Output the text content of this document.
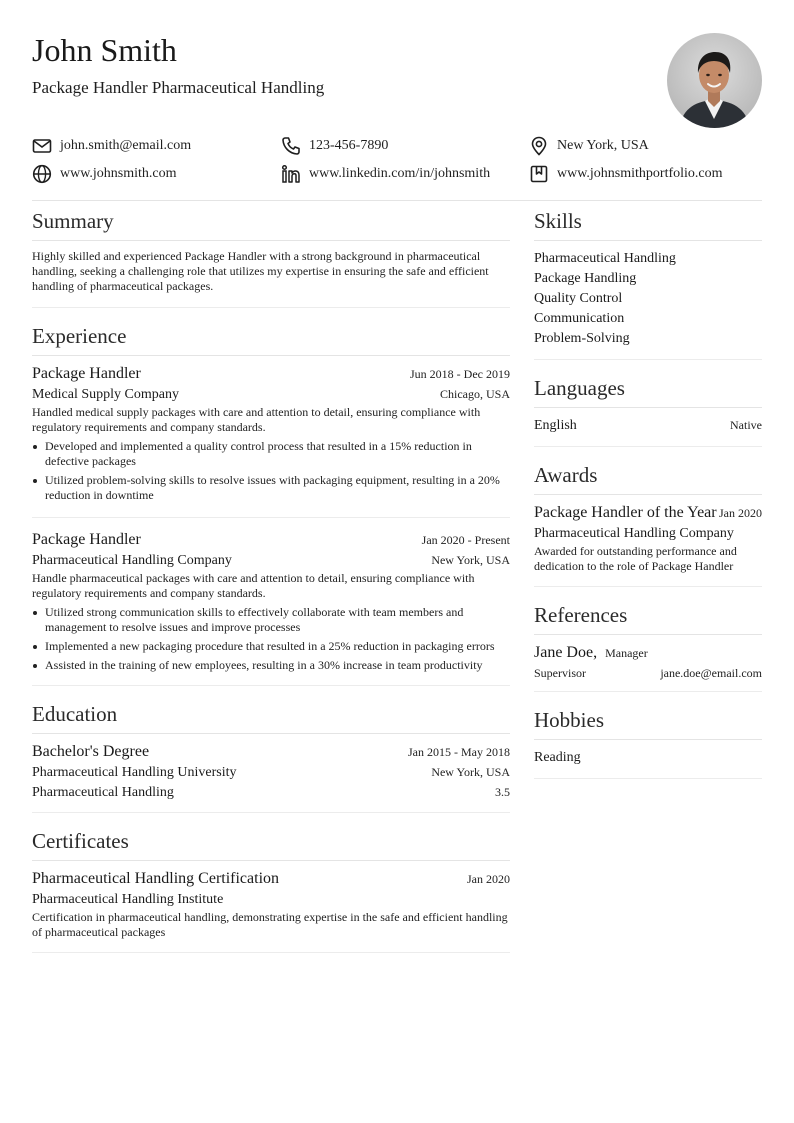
John Smith
Package Handler Pharmaceutical Handling
john.smith@email.com	123-456-7890	New York, USA
www.johnsmith.com	www.linkedin.com/in/johnsmith	www.johnsmithportfolio.com
Summary
Highly skilled and experienced Package Handler with a strong background in pharmaceutical handling, seeking a challenging role that utilizes my expertise in ensuring the safe and efficient handling of pharmaceutical packages.
Experience
Package Handler	Jun 2018 - Dec 2019
Medical Supply Company	Chicago, USA
Handled medical supply packages with care and attention to detail, ensuring compliance with regulatory requirements and company standards.
Developed and implemented a quality control process that resulted in a 15% reduction in defective packages
Utilized problem-solving skills to resolve issues with packaging equipment, resulting in a 20% reduction in downtime
Package Handler	Jan 2020 - Present
Pharmaceutical Handling Company	New York, USA
Handle pharmaceutical packages with care and attention to detail, ensuring compliance with regulatory requirements and company standards.
Utilized strong communication skills to effectively collaborate with team members and management to resolve issues and improve processes
Implemented a new packaging procedure that resulted in a 25% reduction in packaging errors
Assisted in the training of new employees, resulting in a 30% increase in team productivity
Education
Bachelor's Degree	Jan 2015 - May 2018
Pharmaceutical Handling University	New York, USA
Pharmaceutical Handling	3.5
Certificates
Pharmaceutical Handling Certification	Jan 2020
Pharmaceutical Handling Institute
Certification in pharmaceutical handling, demonstrating expertise in the safe and efficient handling of pharmaceutical packages
Skills
Pharmaceutical Handling
Package Handling
Quality Control
Communication
Problem-Solving
Languages
English	Native
Awards
Package Handler of the Year Jan 2020
Pharmaceutical Handling Company
Awarded for outstanding performance and dedication to the role of Package Handler
References
Jane Doe, Manager
Supervisor	jane.doe@email.com
Hobbies
Reading
